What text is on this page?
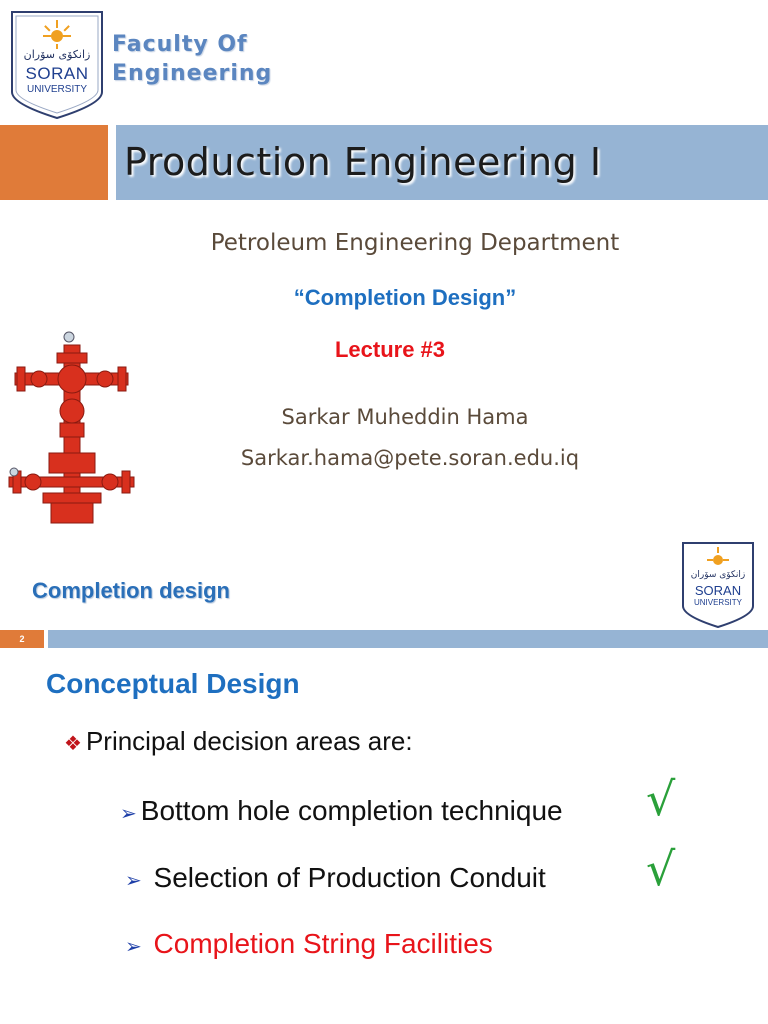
زانکۆی سۆران
SORAN
UNIVERSITY
Faculty Of
Engineering
Production Engineering I
Petroleum Engineering Department
“Completion Design”
Lecture #3
Sarkar Muheddin Hama
Sarkar.hama@pete.soran.edu.iq
Completion design
زانکۆی سۆران
SORAN
UNIVERSITY
2
Conceptual Design
❖ Principal decision areas are:
➢ Bottom hole completion technique √
➢ Selection of Production Conduit √
➢ Completion String Facilities
